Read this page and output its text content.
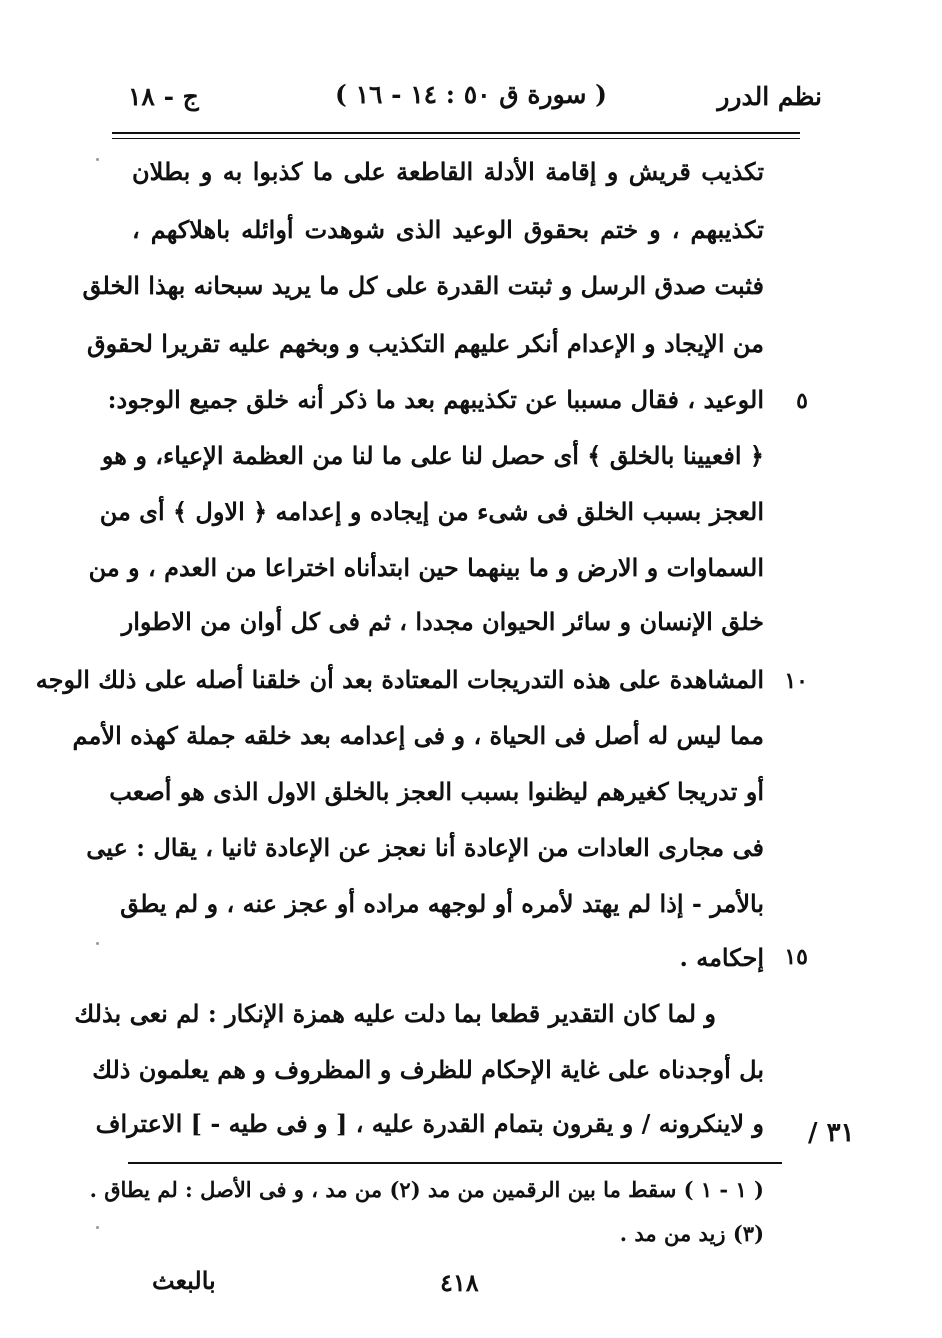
نظم الدرر
( سورة ق ٥٠ : ١٤ - ١٦ )
ج - ١٨
تكذيب قريش و إقامة الأدلة القاطعة على ما كذبوا به و بطلان
تكذيبهم ، و ختم بحقوق الوعيد الذى شوهدت أوائله باهلاكهم ،
فثبت صدق الرسل و ثبتت القدرة على كل ما يريد سبحانه بهذا الخلق
من الإيجاد و الإعدام أنكر عليهم التكذيب و وبخهم عليه تقريرا لحقوق
الوعيد ، فقال مسببا عن تكذيبهم بعد ما ذكر أنه خلق جميع الوجود:
﴿ افعيينا بالخلق ﴾ أى حصل لنا على ما لنا من العظمة الإعياء، و هو
العجز بسبب الخلق فى شىء من إيجاده و إعدامه ﴿ الاول ﴾ أى من
السماوات و الارض و ما بينهما حين ابتدأناه اختراعا من العدم ، و من
خلق الإنسان و سائر الحيوان مجددا ، ثم فى كل أوان من الاطوار
المشاهدة على هذه التدريجات المعتادة بعد أن خلقنا أصله على ذلك الوجه
مما ليس له أصل فى الحياة ، و فى إعدامه بعد خلقه جملة كهذه الأمم
أو تدريجا كغيرهم ليظنوا بسبب العجز بالخلق الاول الذى هو أصعب
فى مجارى العادات من الإعادة أنا نعجز عن الإعادة ثانيا ، يقال : عيى
بالأمر - إذا لم يهتد لأمره أو لوجهه مراده أو عجز عنه ، و لم يطق
إحكامه .
٥
١٠
١٥
و لما كان التقدير قطعا بما دلت عليه همزة الإنكار : لم نعى بذلك
بل أوجدناه على غاية الإحكام للظرف و المظروف و هم يعلمون ذلك
و لاينكرونه / و يقرون بتمام القدرة عليه ، [ و فى طيه - ] الاعتراف ٣١ /
( ١ - ١ ) سقط ما بين الرقمين من مد (٢) من مد ، و فى الأصل : لم يطاق .
(٣) زيد من مد .
٤١٨
بالبعث
